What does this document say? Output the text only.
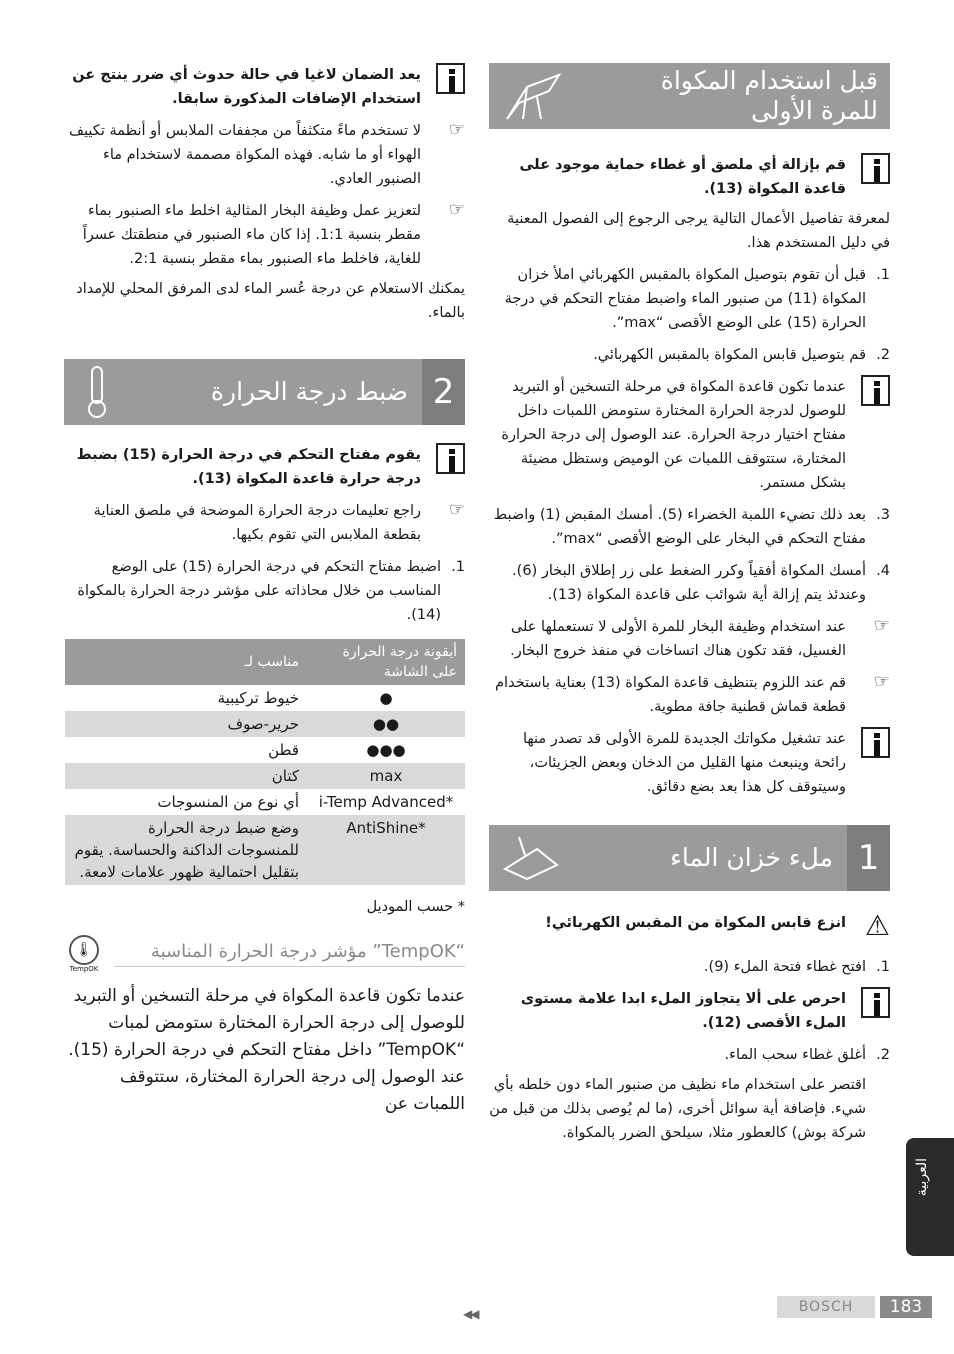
قبل استخدام المكواة للمرة الأولى
قم بإزالة أي ملصق أو غطاء حماية موجود على قاعدة المكواة (13).

لمعرفة تفاصيل الأعمال التالية يرجى الرجوع إلى الفصول المعنية في دليل المستخدم هذا.

1.
قبل أن تقوم بتوصيل المكواة بالمقبس الكهربائي املأ خزان المكواة (11) من صنبور الماء واضبط مفتاح التحكم في درجة الحرارة (15) على الوضع الأقصى “max”.
2.
قم بتوصيل قابس المكواة بالمقبس الكهربائي.
عندما تكون قاعدة المكواة في مرحلة التسخين أو التبريد للوصول لدرجة الحرارة المختارة ستومض اللمبات داخل مفتاح اختيار درجة الحرارة. عند الوصول إلى درجة الحرارة المختارة، ستتوقف اللمبات عن الوميض وستظل مضيئة بشكل مستمر.
3.
بعد ذلك تضيء اللمبة الخضراء (5). أمسك المقبض (1) واضبط مفتاح التحكم في البخار على الوضع الأقصى “max”.
4.
أمسك المكواة أفقياً وكرر الضغط على زر إطلاق البخار (6). وعندئذ يتم إزالة أية شوائب على قاعدة المكواة (13).
☞
عند استخدام وظيفة البخار للمرة الأولى لا تستعملها على الغسيل، فقد تكون هناك اتساخات في منفذ خروج البخار.
☞
قم عند اللزوم بتنظيف قاعدة المكواة (13) بعناية باستخدام قطعة قماش قطنية جافة مطوية.
عند تشغيل مكواتك الجديدة للمرة الأولى قد تصدر منها رائحة وينبعث منها القليل من الدخان وبعض الجزيئات، وسيتوقف كل هذا بعد بضع دقائق.
1
ملء خزان الماء
⚠
انزع قابس المكواة من المقبس الكهربائي!
1.
افتح غطاء فتحة الملء (9).
احرص على ألا يتجاوز الملء ابدا علامة مستوى الملء الأقصى (12).
2.
أغلق غطاء سحب الماء.

اقتصر على استخدام ماء نظيف من صنبور الماء دون خلطه بأي شيء. فإضافة أية سوائل أخرى، (ما لم يُوصى بذلك من قبل من شركة بوش) كالعطور مثلا، سيلحق الضرر بالمكواة.

يعد الضمان لاغيا في حالة حدوث أي ضرر ينتج عن استخدام الإضافات المذكورة سابقا.
☞
لا تستخدم ماءً متكثفاً من مجففات الملابس أو أنظمة تكييف الهواء أو ما شابه. فهذه المكواة مصممة لاستخدام ماء الصنبور العادي.
☞
لتعزيز عمل وظيفة البخار المثالية اخلط ماء الصنبور بماء مقطر بنسبة 1:1. إذا كان ماء الصنبور في منطقتك عسراً للغاية، فاخلط ماء الصنبور بماء مقطر بنسبة 2:1.

يمكنك الاستعلام عن درجة عُسر الماء لدى المرفق المحلي للإمداد بالماء.

2
ضبط درجة الحرارة
يقوم مفتاح التحكم في درجة الحرارة (15) بضبط درجة حرارة قاعدة المكواة (13).
☞
راجع تعليمات درجة الحرارة الموضحة في ملصق العناية بقطعة الملابس التي تقوم بكيها.
1.
اضبط مفتاح التحكم في درجة الحرارة (15) على الوضع المناسب من خلال محاذاته على مؤشر درجة الحرارة بالمكواة (14).
أيقونة درجة الحرارة على الشاشة	مناسب لـ
●	خيوط تركيبية
●●	حرير-صوف
●●●	قطن
max	كتان
i-Temp Advanced*	أي نوع من المنسوجات
AntiShine*	وضع ضبط درجة الحرارة للمنسوجات الداكنة والحساسة. يقوم بتقليل احتمالية ظهور علامات لامعة.

* حسب الموديل

“TempOK” مؤشر درجة الحرارة المناسبة
🌡
TempOK

عندما تكون قاعدة المكواة في مرحلة التسخين أو التبريد للوصول إلى درجة الحرارة المختارة ستومض لمبات “TempOK” داخل مفتاح التحكم في درجة الحرارة (15). عند الوصول إلى درجة الحرارة المختارة، ستتوقف اللمبات عن

العربية
◀◀	BOSCH	183
